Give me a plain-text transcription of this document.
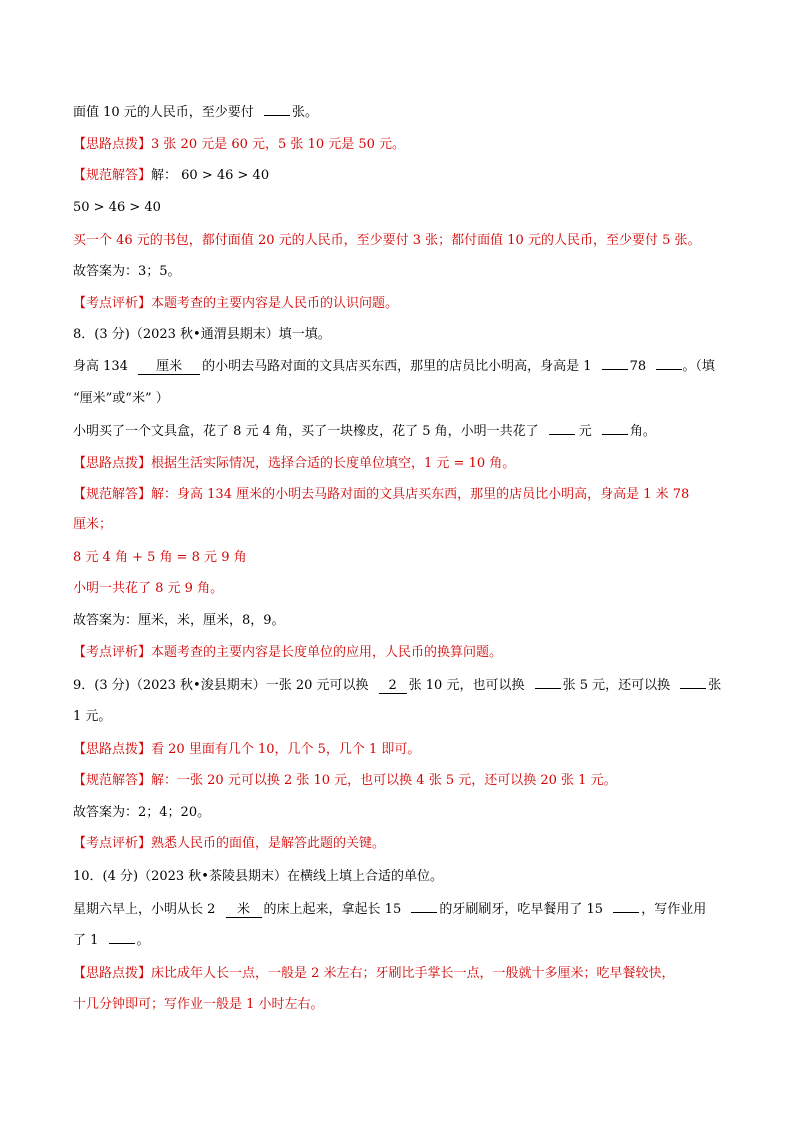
面值 10 元的人民币，至少要付	张。
【思路点拨】3 张 20 元是 60 元，5 张 10 元是 50 元。
【规范解答】解： 60 > 46 > 40
50 > 46 > 40
买一个 46 元的书包，都付面值 20 元的人民币，至少要付 3 张；都付面值 10 元的人民币，至少要付 5 张。
故答案为：3；5。
【考点评析】本题考查的主要内容是人民币的认识问题。
8．(3 分)（2023 秋•通渭县期末）填一填。
身高 134 厘米 的小明去马路对面的文具店买东西，那里的店员比小明高，身高是 1	78	。（填
“厘米”或“米” ）
小明买了一个文具盒，花了 8 元 4 角，买了一块橡皮，花了 5 角，小明一共花了	元	角。
【思路点拨】根据生活实际情况，选择合适的长度单位填空，1 元 = 10 角。
【规范解答】解：身高 134 厘米的小明去马路对面的文具店买东西，那里的店员比小明高，身高是 1 米 78
厘米；
8 元 4 角 + 5 角 = 8 元 9 角
小明一共花了 8 元 9 角。
故答案为：厘米，米，厘米，8，9。
【考点评析】本题考查的主要内容是长度单位的应用，人民币的换算问题。
9．(3 分)（2023 秋•浚县期末）一张 20 元可以换 2 张 10 元，也可以换	张 5 元，还可以换	张
1 元。
【思路点拨】看 20 里面有几个 10，几个 5，几个 1 即可。
【规范解答】解：一张 20 元可以换 2 张 10 元，也可以换 4 张 5 元，还可以换 20 张 1 元。
故答案为：2；4；20。
【考点评析】熟悉人民币的面值，是解答此题的关键。
10．(4 分)（2023 秋•茶陵县期末）在横线上填上合适的单位。
星期六早上，小明从长 2 米 的床上起来，拿起长 15	的牙刷刷牙，吃早餐用了 15	，写作业用
了 1	。
【思路点拨】床比成年人长一点，一般是 2 米左右；牙刷比手掌长一点，一般就十多厘米；吃早餐较快，
十几分钟即可；写作业一般是 1 小时左右。
